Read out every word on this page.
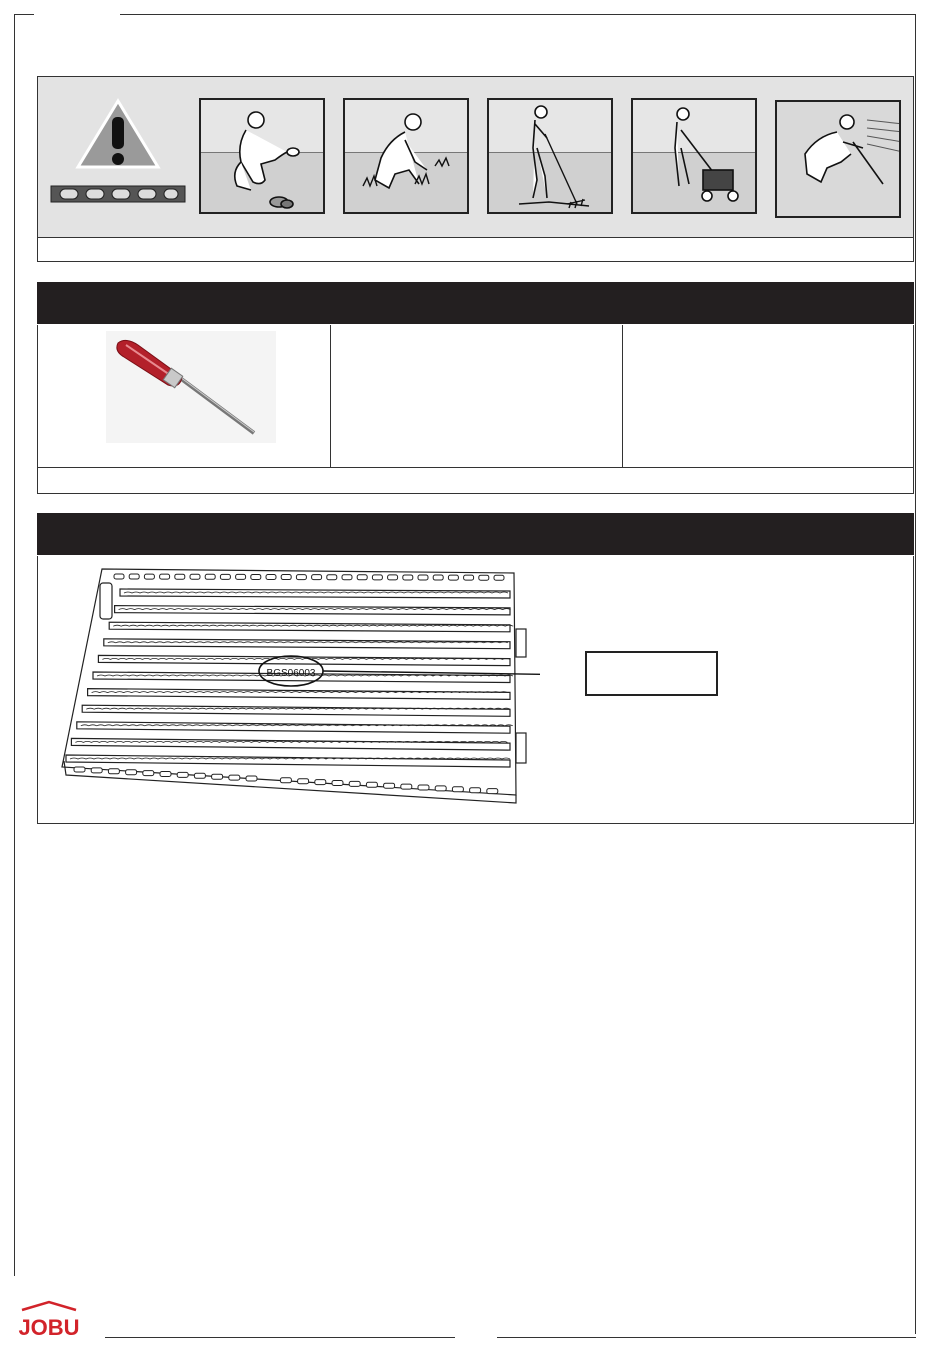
BGS06003
JOBU
